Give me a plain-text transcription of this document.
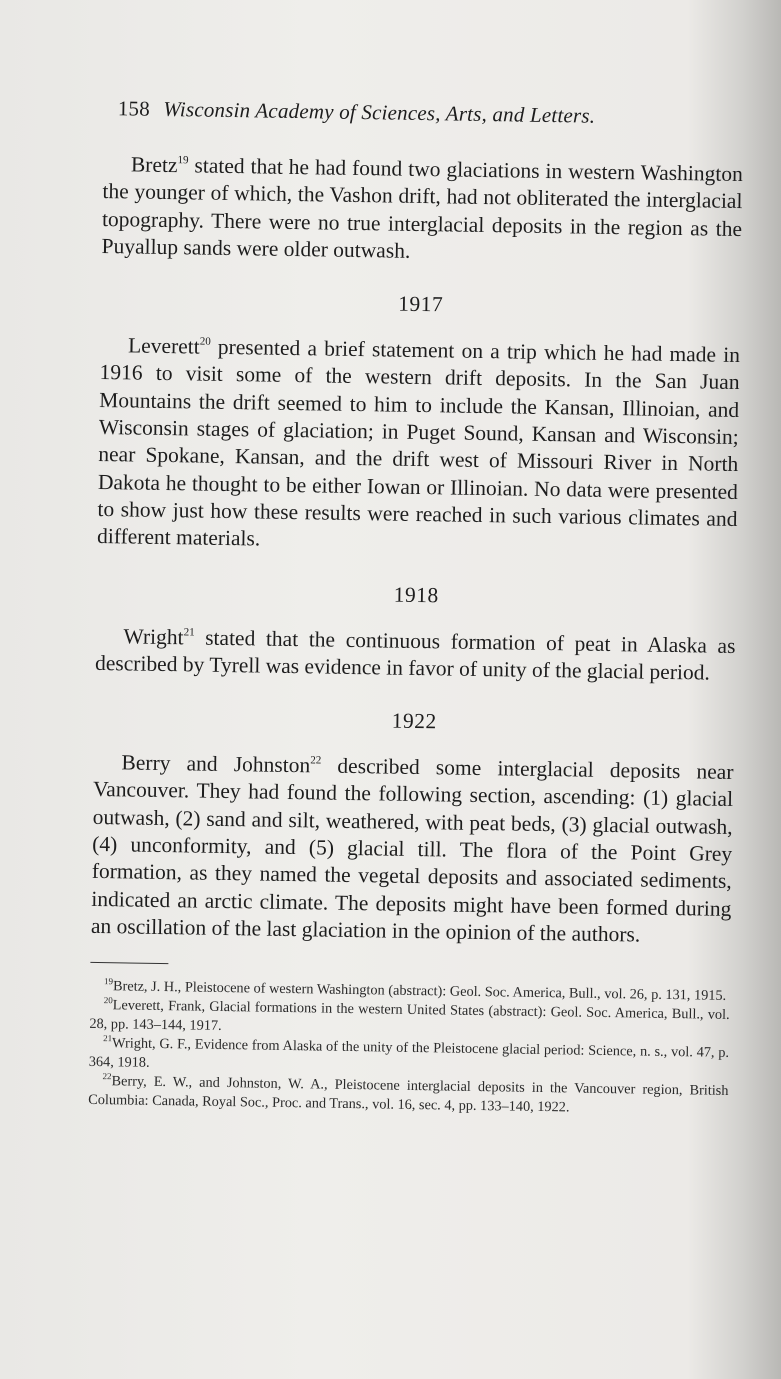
158 Wisconsin Academy of Sciences, Arts, and Letters.

Bretz$^{19}$ stated that he had found two glaciations in western Washington the younger of which, the Vashon drift, had not obliterated the interglacial topography. There were no true interglacial deposits in the region as the Puyallup sands were older outwash.

1917

Leverett$^{20}$ presented a brief statement on a trip which he had made in 1916 to visit some of the western drift deposits. In the San Juan Mountains the drift seemed to him to include the Kansan, Illinoian, and Wisconsin stages of glaciation; in Puget Sound, Kansan and Wisconsin; near Spokane, Kansan, and the drift west of Missouri River in North Dakota he thought to be either Iowan or Illinoian. No data were presented to show just how these results were reached in such various climates and different materials.

1918

Wright$^{21}$ stated that the continuous formation of peat in Alaska as described by Tyrell was evidence in favor of unity of the glacial period.

1922

Berry and Johnston$^{22}$ described some interglacial deposits near Vancouver. They had found the following section, ascending: (1) glacial outwash, (2) sand and silt, weathered, with peat beds, (3) glacial outwash, (4) unconformity, and (5) glacial till. The flora of the Point Grey formation, as they named the vegetal deposits and associated sediments, indicated an arctic climate. The deposits might have been formed during an oscillation of the last glaciation in the opinion of the authors.

$^{19}$Bretz, J. H., Pleistocene of western Washington (abstract): Geol. Soc. America, Bull., vol. 26, p. 131, 1915.

$^{20}$Leverett, Frank, Glacial formations in the western United States (abstract): Geol. Soc. America, Bull., vol. 28, pp. 143–144, 1917.

$^{21}$Wright, G. F., Evidence from Alaska of the unity of the Pleistocene glacial period: Science, n. s., vol. 47, p. 364, 1918.

$^{22}$Berry, E. W., and Johnston, W. A., Pleistocene interglacial deposits in the Vancouver region, British Columbia: Canada, Royal Soc., Proc. and Trans., vol. 16, sec. 4, pp. 133–140, 1922.
